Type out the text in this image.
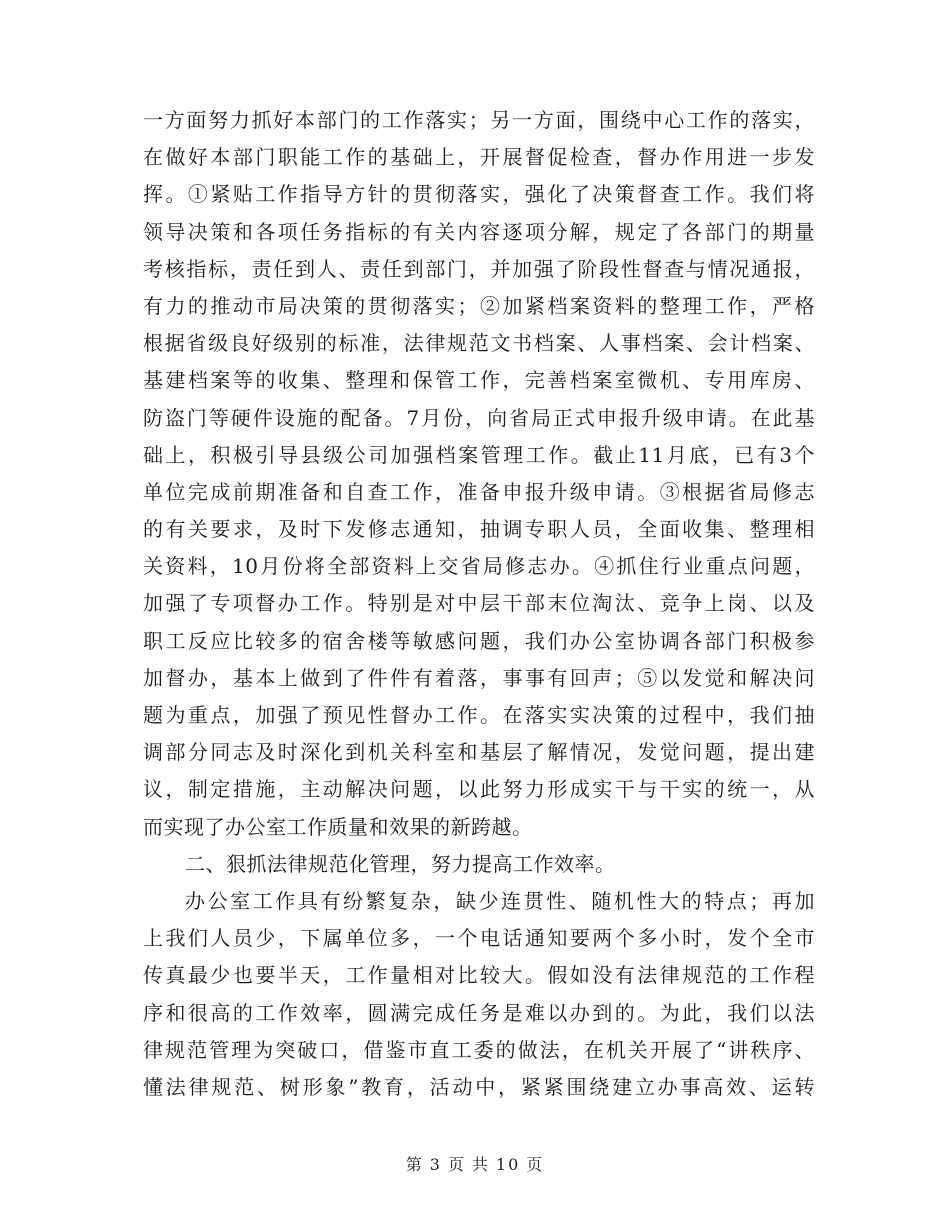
一方面努力抓好本部门的工作落实；另一方面，围绕中心工作的落实，
在做好本部门职能工作的基础上，开展督促检查，督办作用进一步发
挥。①紧贴工作指导方针的贯彻落实，强化了决策督查工作。我们将
领导决策和各项任务指标的有关内容逐项分解，规定了各部门的期量
考核指标，责任到人、责任到部门，并加强了阶段性督查与情况通报，
有力的推动市局决策的贯彻落实；②加紧档案资料的整理工作，严格
根据省级良好级别的标准，法律规范文书档案、人事档案、会计档案、
基建档案等的收集、整理和保管工作，完善档案室微机、专用库房、
防盗门等硬件设施的配备。7月份，向省局正式申报升级申请。在此基
础上，积极引导县级公司加强档案管理工作。截止11月底，已有3个
单位完成前期准备和自查工作，准备申报升级申请。③根据省局修志
的有关要求，及时下发修志通知，抽调专职人员，全面收集、整理相
关资料，10月份将全部资料上交省局修志办。④抓住行业重点问题，
加强了专项督办工作。特别是对中层干部末位淘汰、竞争上岗、以及
职工反应比较多的宿舍楼等敏感问题，我们办公室协调各部门积极参
加督办，基本上做到了件件有着落，事事有回声；⑤以发觉和解决问
题为重点，加强了预见性督办工作。在落实实决策的过程中，我们抽
调部分同志及时深化到机关科室和基层了解情况，发觉问题，提出建
议，制定措施，主动解决问题，以此努力形成实干与干实的统一，从
而实现了办公室工作质量和效果的新跨越。
二、狠抓法律规范化管理，努力提高工作效率。
办公室工作具有纷繁复杂，缺少连贯性、随机性大的特点；再加
上我们人员少，下属单位多，一个电话通知要两个多小时，发个全市
传真最少也要半天，工作量相对比较大。假如没有法律规范的工作程
序和很高的工作效率，圆满完成任务是难以办到的。为此，我们以法
律规范管理为突破口，借鉴市直工委的做法，在机关开展了“讲秩序、
懂法律规范、树形象”教育，活动中，紧紧围绕建立办事高效、运转
第 3 页 共 10 页
